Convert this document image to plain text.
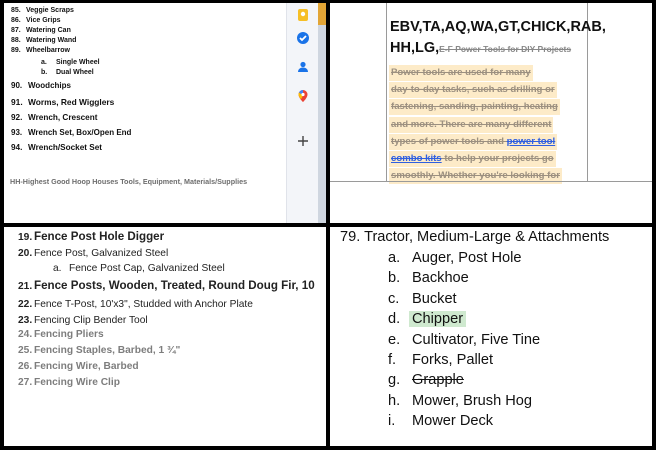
85. Veggie Scraps
86. Vice Grips
87. Watering Can
88. Watering Wand
89. Wheelbarrow
a. Single Wheel
b. Dual Wheel
90. Woodchips
91. Worms, Red Wigglers
92. Wrench, Crescent
93. Wrench Set, Box/Open End
94. Wrench/Socket Set
HH-Highest Good Hoop Houses Tools, Equipment, Materials/Supplies
EBV,TA,AQ,WA,GT,CHICK,RAB,
HH,LG,E-F Power Tools for DIY Projects
Power tools are used for many
day-to-day tasks, such as drilling or
fastening, sanding, painting, heating
and more. There are many different
types of power tools and power tool
combo kits to help your projects go
smoothly. Whether you're looking for
19. Fence Post Hole Digger
20. Fence Post, Galvanized Steel
a. Fence Post Cap, Galvanized Steel
21. Fence Posts, Wooden, Treated, Round Doug Fir, 10
22. Fence T-Post, 10'x3", Studded with Anchor Plate
23. Fencing Clip Bender Tool
24. Fencing Pliers
25. Fencing Staples, Barbed, 1 ¾"
26. Fencing Wire, Barbed
27. Fencing Wire Clip
79. Tractor, Medium-Large & Attachments
a. Auger, Post Hole
b. Backhoe
c. Bucket
d. Chipper
e. Cultivator, Five Tine
f. Forks, Pallet
g. Grapple
h. Mower, Brush Hog
i. Mower Deck
